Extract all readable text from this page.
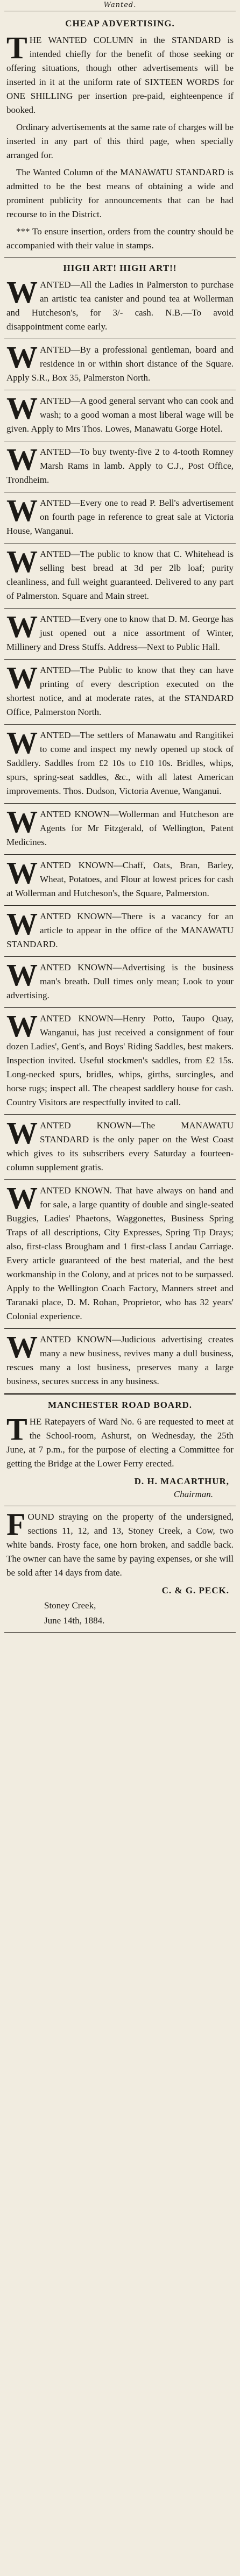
Wanted.
CHEAP ADVERTISING.

THE WANTED COLUMN in the STANDARD is intended chiefly for the benefit of those seeking or offering situations, though other advertisements will be inserted in it at the uniform rate of SIXTEEN WORDS for ONE SHILLING per insertion pre-paid, eighteenpence if booked.

Ordinary advertisements at the same rate of charges will be inserted in any part of this third page, when specially arranged for.

The Wanted Column of the MANAWATU STANDARD is admitted to be the best means of obtaining a wide and prominent publicity for announcements that can be had recourse to in the District.

*** To ensure insertion, orders from the country should be accompanied with their value in stamps.

HIGH ART! HIGH ART!!

WANTED—All the Ladies in Palmerston to purchase an artistic tea canister and pound tea at Wollerman and Hutcheson's, for 3/- cash. N.B.—To avoid disappointment come early.

WANTED—By a professional gentleman, board and residence in or within short distance of the Square. Apply S.R., Box 35, Palmerston North.

WANTED—A good general servant who can cook and wash; to a good woman a most liberal wage will be given. Apply to Mrs Thos. Lowes, Manawatu Gorge Hotel.

WANTED—To buy twenty-five 2 to 4-tooth Romney Marsh Rams in lamb. Apply to C.J., Post Office, Trondheim.

WANTED—Every one to read P. Bell's advertisement on fourth page in reference to great sale at Victoria House, Wanganui.

WANTED—The public to know that C. Whitehead is selling best bread at 3d per 2lb loaf; purity cleanliness, and full weight guaranteed. Delivered to any part of Palmerston. Square and Main street.

WANTED—Every one to know that D. M. George has just opened out a nice assortment of Winter, Millinery and Dress Stuffs. Address—Next to Public Hall.

WANTED—The Public to know that they can have printing of every description executed on the shortest notice, and at moderate rates, at the STANDARD Office, Palmerston North.

WANTED—The settlers of Manawatu and Rangitikei to come and inspect my newly opened up stock of Saddlery. Saddles from £2 10s to £10 10s. Bridles, whips, spurs, spring-seat saddles, &c., with all latest American improvements. Thos. Dudson, Victoria Avenue, Wanganui.

WANTED KNOWN—Wollerman and Hutcheson are Agents for Mr Fitzgerald, of Wellington, Patent Medicines.

WANTED KNOWN—Chaff, Oats, Bran, Barley, Wheat, Potatoes, and Flour at lowest prices for cash at Wollerman and Hutcheson's, the Square, Palmerston.

WANTED KNOWN—There is a vacancy for an article to appear in the office of the MANAWATU STANDARD.

WANTED KNOWN—Advertising is the business man's breath. Dull times only mean; Look to your advertising.

WANTED KNOWN—Henry Potto, Taupo Quay, Wanganui, has just received a consignment of four dozen Ladies', Gent's, and Boys' Riding Saddles, best makers. Inspection invited. Useful stockmen's saddles, from £2 15s. Long-necked spurs, bridles, whips, girths, surcingles, and horse rugs; inspect all. The cheapest saddlery house for cash. Country Visitors are respectfully invited to call.

WANTED KNOWN—The MANAWATU STANDARD is the only paper on the West Coast which gives to its subscribers every Saturday a fourteen-column supplement gratis.

WANTED KNOWN. That have always on hand and for sale, a large quantity of double and single-seated Buggies, Ladies' Phaetons, Waggonettes, Business Spring Traps of all descriptions, City Expresses, Spring Tip Drays; also, first-class Brougham and 1 first-class Landau Carriage. Every article guaranteed of the best material, and the best workmanship in the Colony, and at prices not to be surpassed. Apply to the Wellington Coach Factory, Manners street and Taranaki place, D. M. Rohan, Proprietor, who has 32 years' Colonial experience.

WANTED KNOWN—Judicious advertising creates many a new business, revives many a dull business, rescues many a lost business, preserves many a large business, secures success in any business.

MANCHESTER ROAD BOARD.

THE Ratepayers of Ward No. 6 are requested to meet at the School-room, Ashurst, on Wednesday, the 25th June, at 7 p.m., for the purpose of electing a Committee for getting the Bridge at the Lower Ferry erected.

D. H. MACARTHUR,
Chairman.

FOUND straying on the property of the undersigned, sections 11, 12, and 13, Stoney Creek, a Cow, two white bands. Frosty face, one horn broken, and saddle back. The owner can have the same by paying expenses, or she will be sold after 14 days from date.

C. & G. PECK.
Stoney Creek,
June 14th, 1884.
